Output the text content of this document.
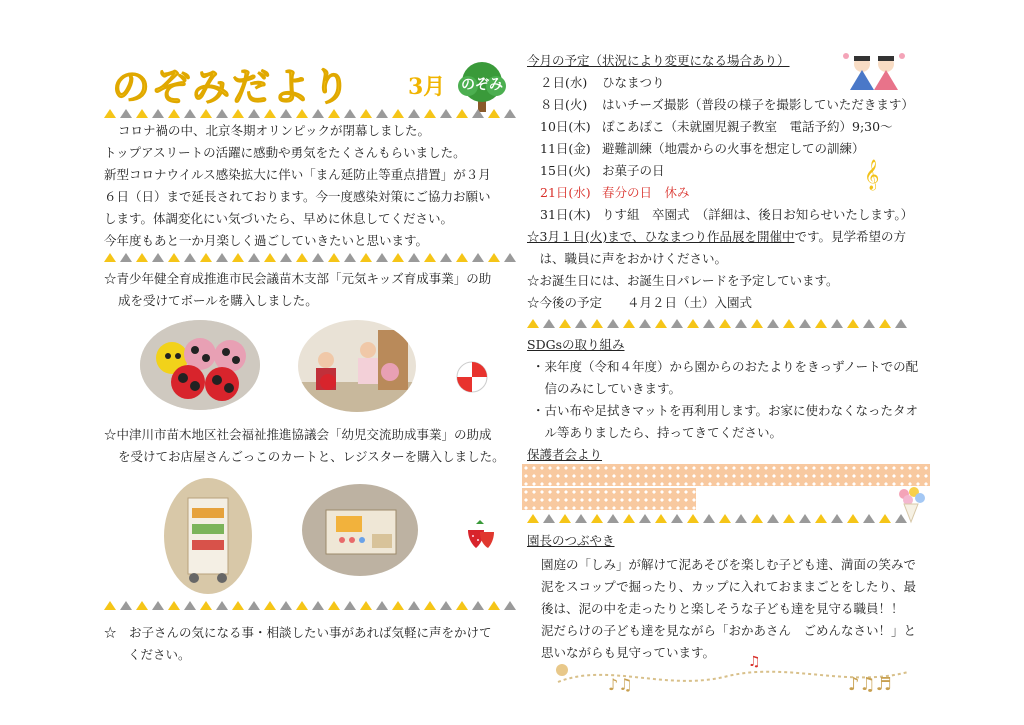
のぞみだより	3月 のぞみ
コロナ禍の中、北京冬期オリンピックが閉幕しました。
トップアスリートの活躍に感動や勇気をたくさんもらいました。
新型コロナウイルス感染拡大に伴い「まん延防止等重点措置」が３月
６日（日）まで延長されております。今一度感染対策にご協力お願い
します。体調変化にい気づいたら、早めに休息してください。
今年度もあと一か月楽しく過ごしていきたいと思います。
☆青少年健全育成推進市民会議苗木支部「元気キッズ育成事業」の助
成を受けてボールを購入しました。
☆中津川市苗木地区社会福祉推進協議会「幼児交流助成事業」の助成
を受けてお店屋さんごっこのカートと、レジスターを購入しました。
☆　お子さんの気になる事・相談したい事があれば気軽に声をかけて
ください。
今月の予定（状況により変更になる場合あり）
２日(水) ひなまつり
８日(火) はいチーズ撮影（普段の様子を撮影していただきます）
10日(木) ぽこあぽこ（未就園児親子教室　電話予約）9;30〜
11日(金) 避難訓練（地震からの火事を想定しての訓練）
15日(火) お菓子の日
21日(水) 春分の日　休み
31日(木) りす組　卒園式　（詳細は、後日お知らせいたします。）
𝄞
☆3月１日(火)まで、ひなまつり作品展を開催中です。見学希望の方
　は、職員に声をおかけください。
☆お誕生日には、お誕生日パレードを予定しています。
☆今後の予定　　４月２日（土）入園式
SDGsの取り組み
・来年度（令和４年度）から園からのおたよりをきっずノートでの配
　信のみにしていきます。
・古い布や足拭きマットを再利用します。お家に使わなくなったタオ
　ル等ありましたら、持ってきてください。
保護者会より
園長のつぶやき
園庭の「しみ」が解けて泥あそびを楽しむ子ども達、満面の笑みで
泥をスコップで掘ったり、カップに入れておままごとをしたり、最
後は、泥の中を走ったりと楽しそうな子ども達を見守る職員！！
泥だらけの子ども達を見ながら「おかあさん　ごめんなさい！」と
思いながらも見守っています。
♪♫
♫
♪♫♬
